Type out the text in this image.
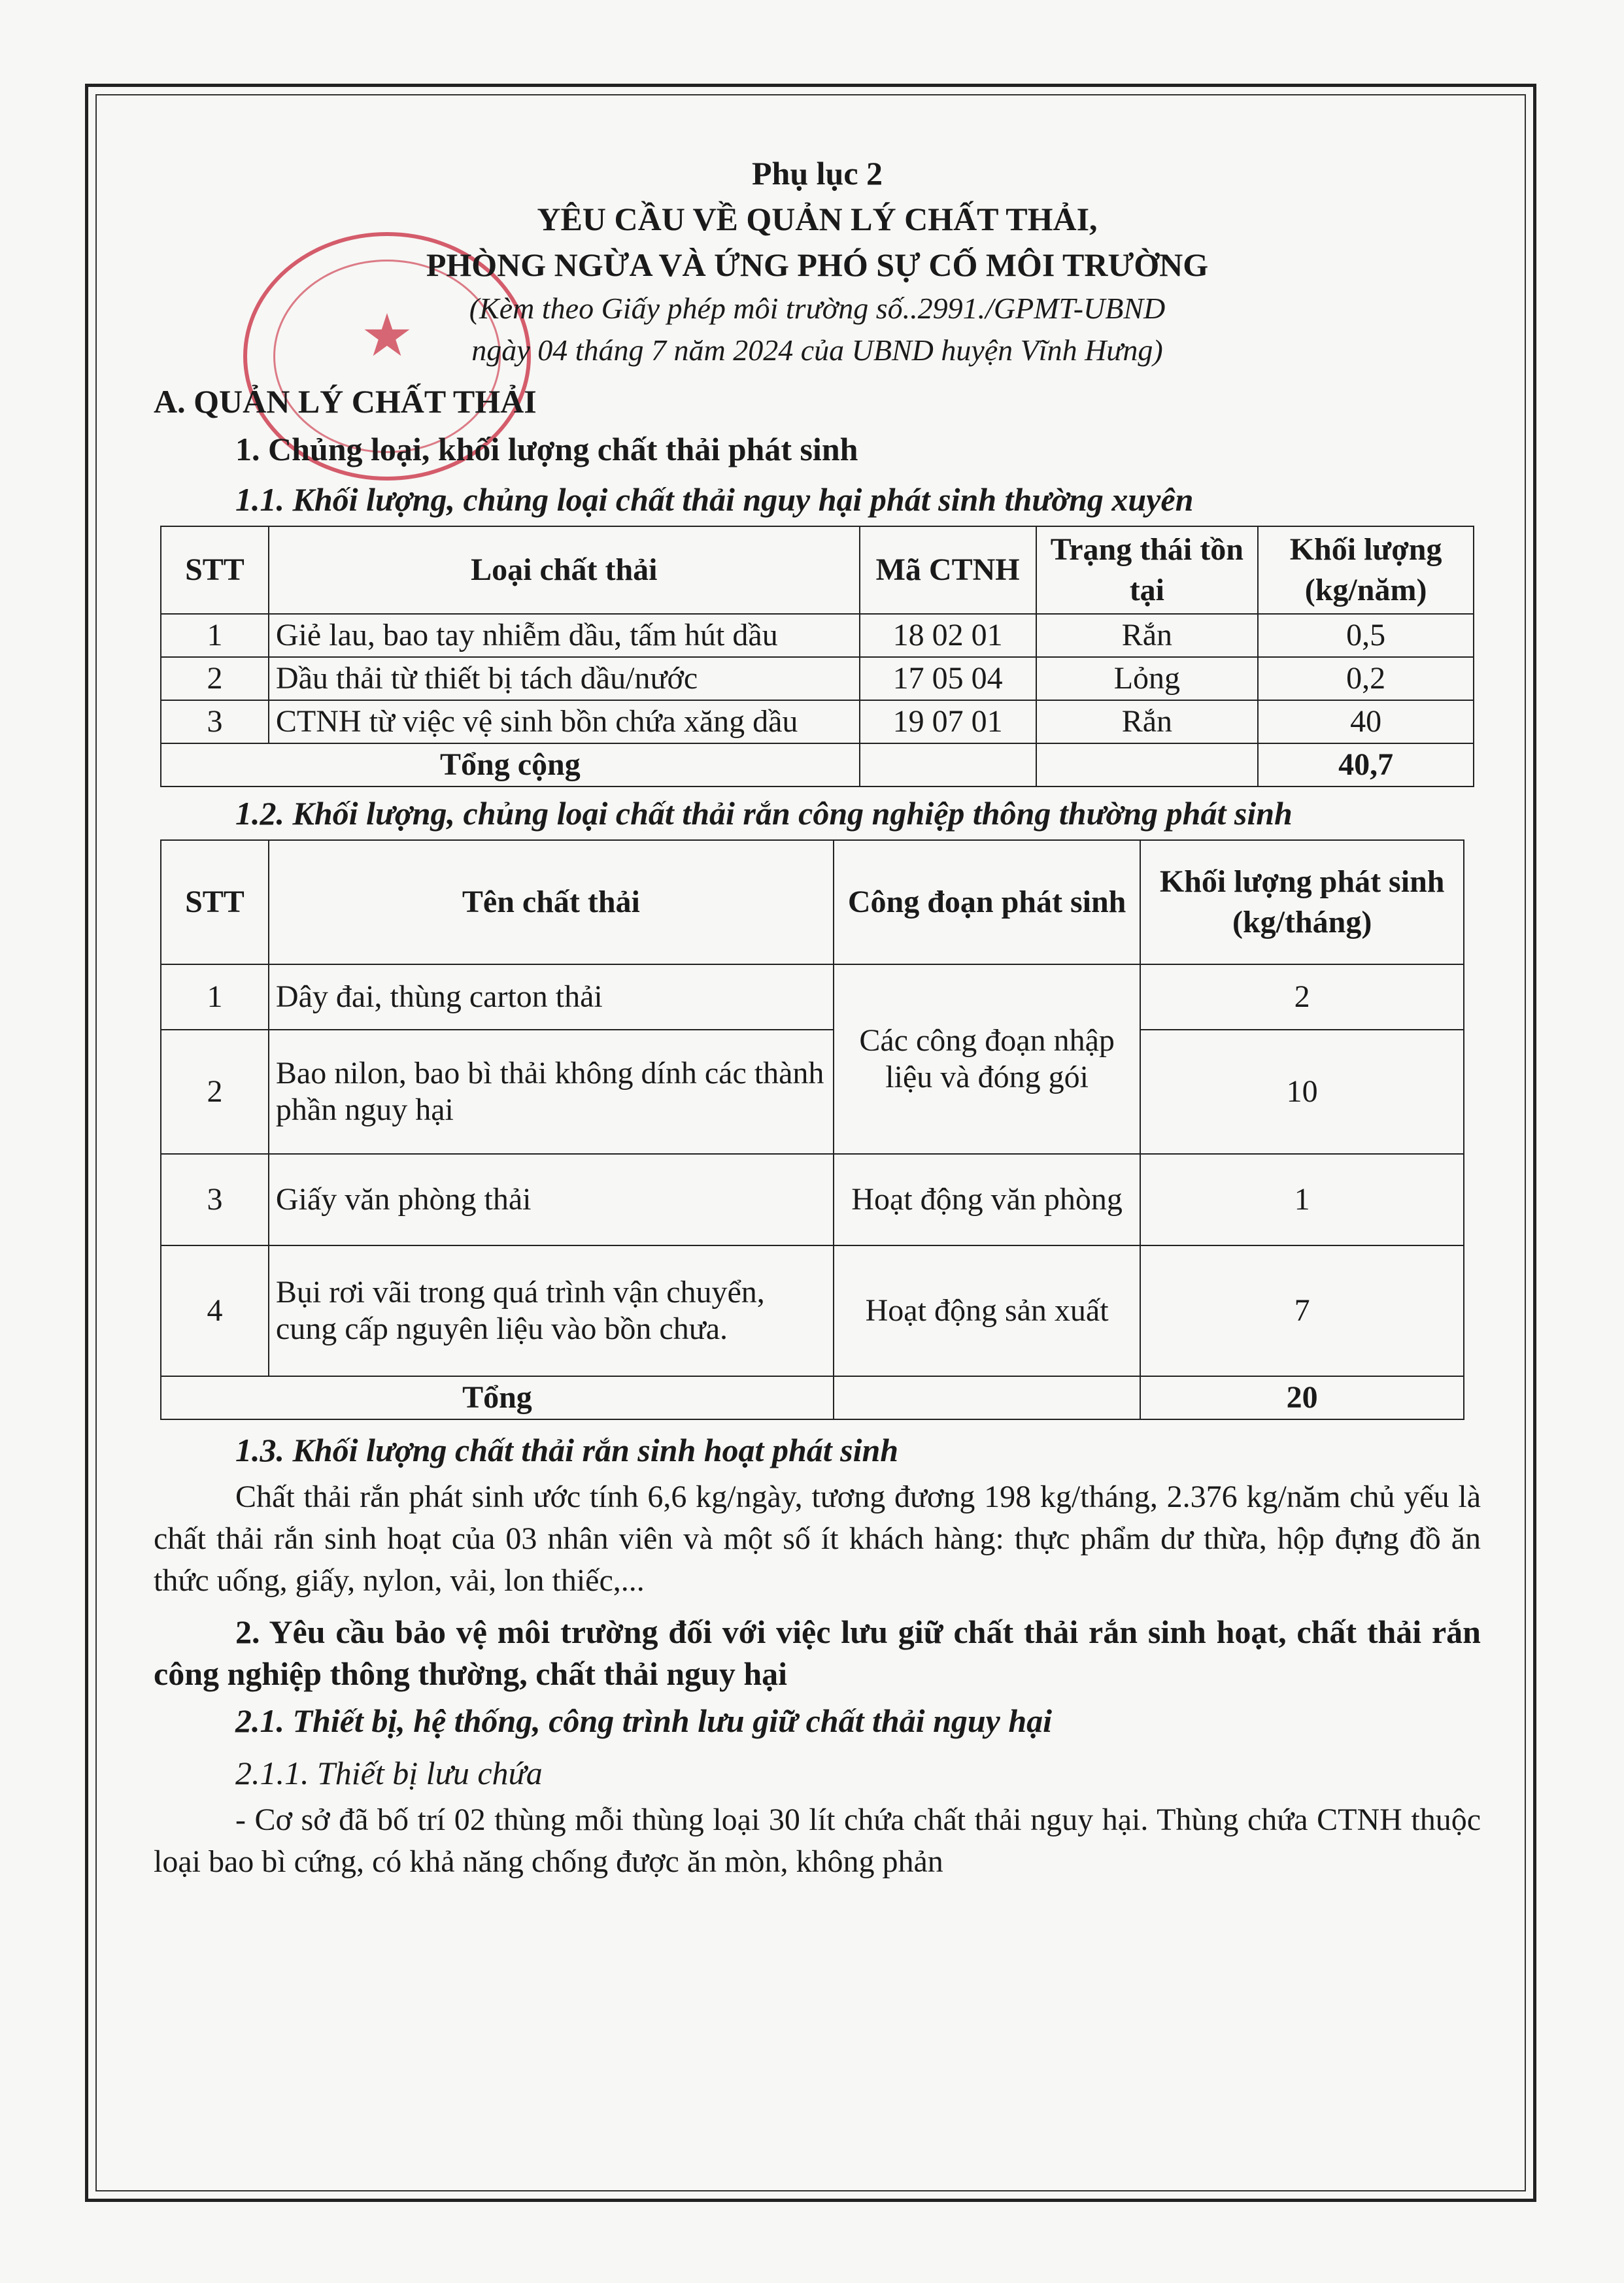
★
Phụ lục 2
YÊU CẦU VỀ QUẢN LÝ CHẤT THẢI,
PHÒNG NGỪA VÀ ỨNG PHÓ SỰ CỐ MÔI TRƯỜNG
(Kèm theo Giấy phép môi trường số..2991./GPMT-UBND
ngày 04 tháng 7 năm 2024 của UBND huyện Vĩnh Hưng)
A. QUẢN LÝ CHẤT THẢI
1. Chủng loại, khối lượng chất thải phát sinh
1.1. Khối lượng, chủng loại chất thải nguy hại phát sinh thường xuyên
STT	Loại chất thải	Mã CTNH	Trạng thái tồn tại	Khối lượng (kg/năm)
1	Giẻ lau, bao tay nhiễm dầu, tấm hút dầu	18 02 01	Rắn	0,5
2	Dầu thải từ thiết bị tách dầu/nước	17 05 04	Lỏng	0,2
3	CTNH từ việc vệ sinh bồn chứa xăng dầu	19 07 01	Rắn	40
Tổng cộng				40,7
1.2. Khối lượng, chủng loại chất thải rắn công nghiệp thông thường phát sinh
STT	Tên chất thải	Công đoạn phát sinh	Khối lượng phát sinh (kg/tháng)
1	Dây đai, thùng carton thải	Các công đoạn nhập liệu và đóng gói	2
2	Bao nilon, bao bì thải không dính các thành phần nguy hại		10
3	Giấy văn phòng thải	Hoạt động văn phòng	1
4	Bụi rơi vãi trong quá trình vận chuyển, cung cấp nguyên liệu vào bồn chưa.	Hoạt động sản xuất	7
Tổng			20
1.3. Khối lượng chất thải rắn sinh hoạt phát sinh
Chất thải rắn phát sinh ước tính 6,6 kg/ngày, tương đương 198 kg/tháng, 2.376 kg/năm chủ yếu là chất thải rắn sinh hoạt của 03 nhân viên và một số ít khách hàng: thực phẩm dư thừa, hộp đựng đồ ăn thức uống, giấy, nylon, vải, lon thiếc,...
2. Yêu cầu bảo vệ môi trường đối với việc lưu giữ chất thải rắn sinh hoạt, chất thải rắn công nghiệp thông thường, chất thải nguy hại
2.1. Thiết bị, hệ thống, công trình lưu giữ chất thải nguy hại
2.1.1. Thiết bị lưu chứa
- Cơ sở đã bố trí 02 thùng mỗi thùng loại 30 lít chứa chất thải nguy hại. Thùng chứa CTNH thuộc loại bao bì cứng, có khả năng chống được ăn mòn, không phản
